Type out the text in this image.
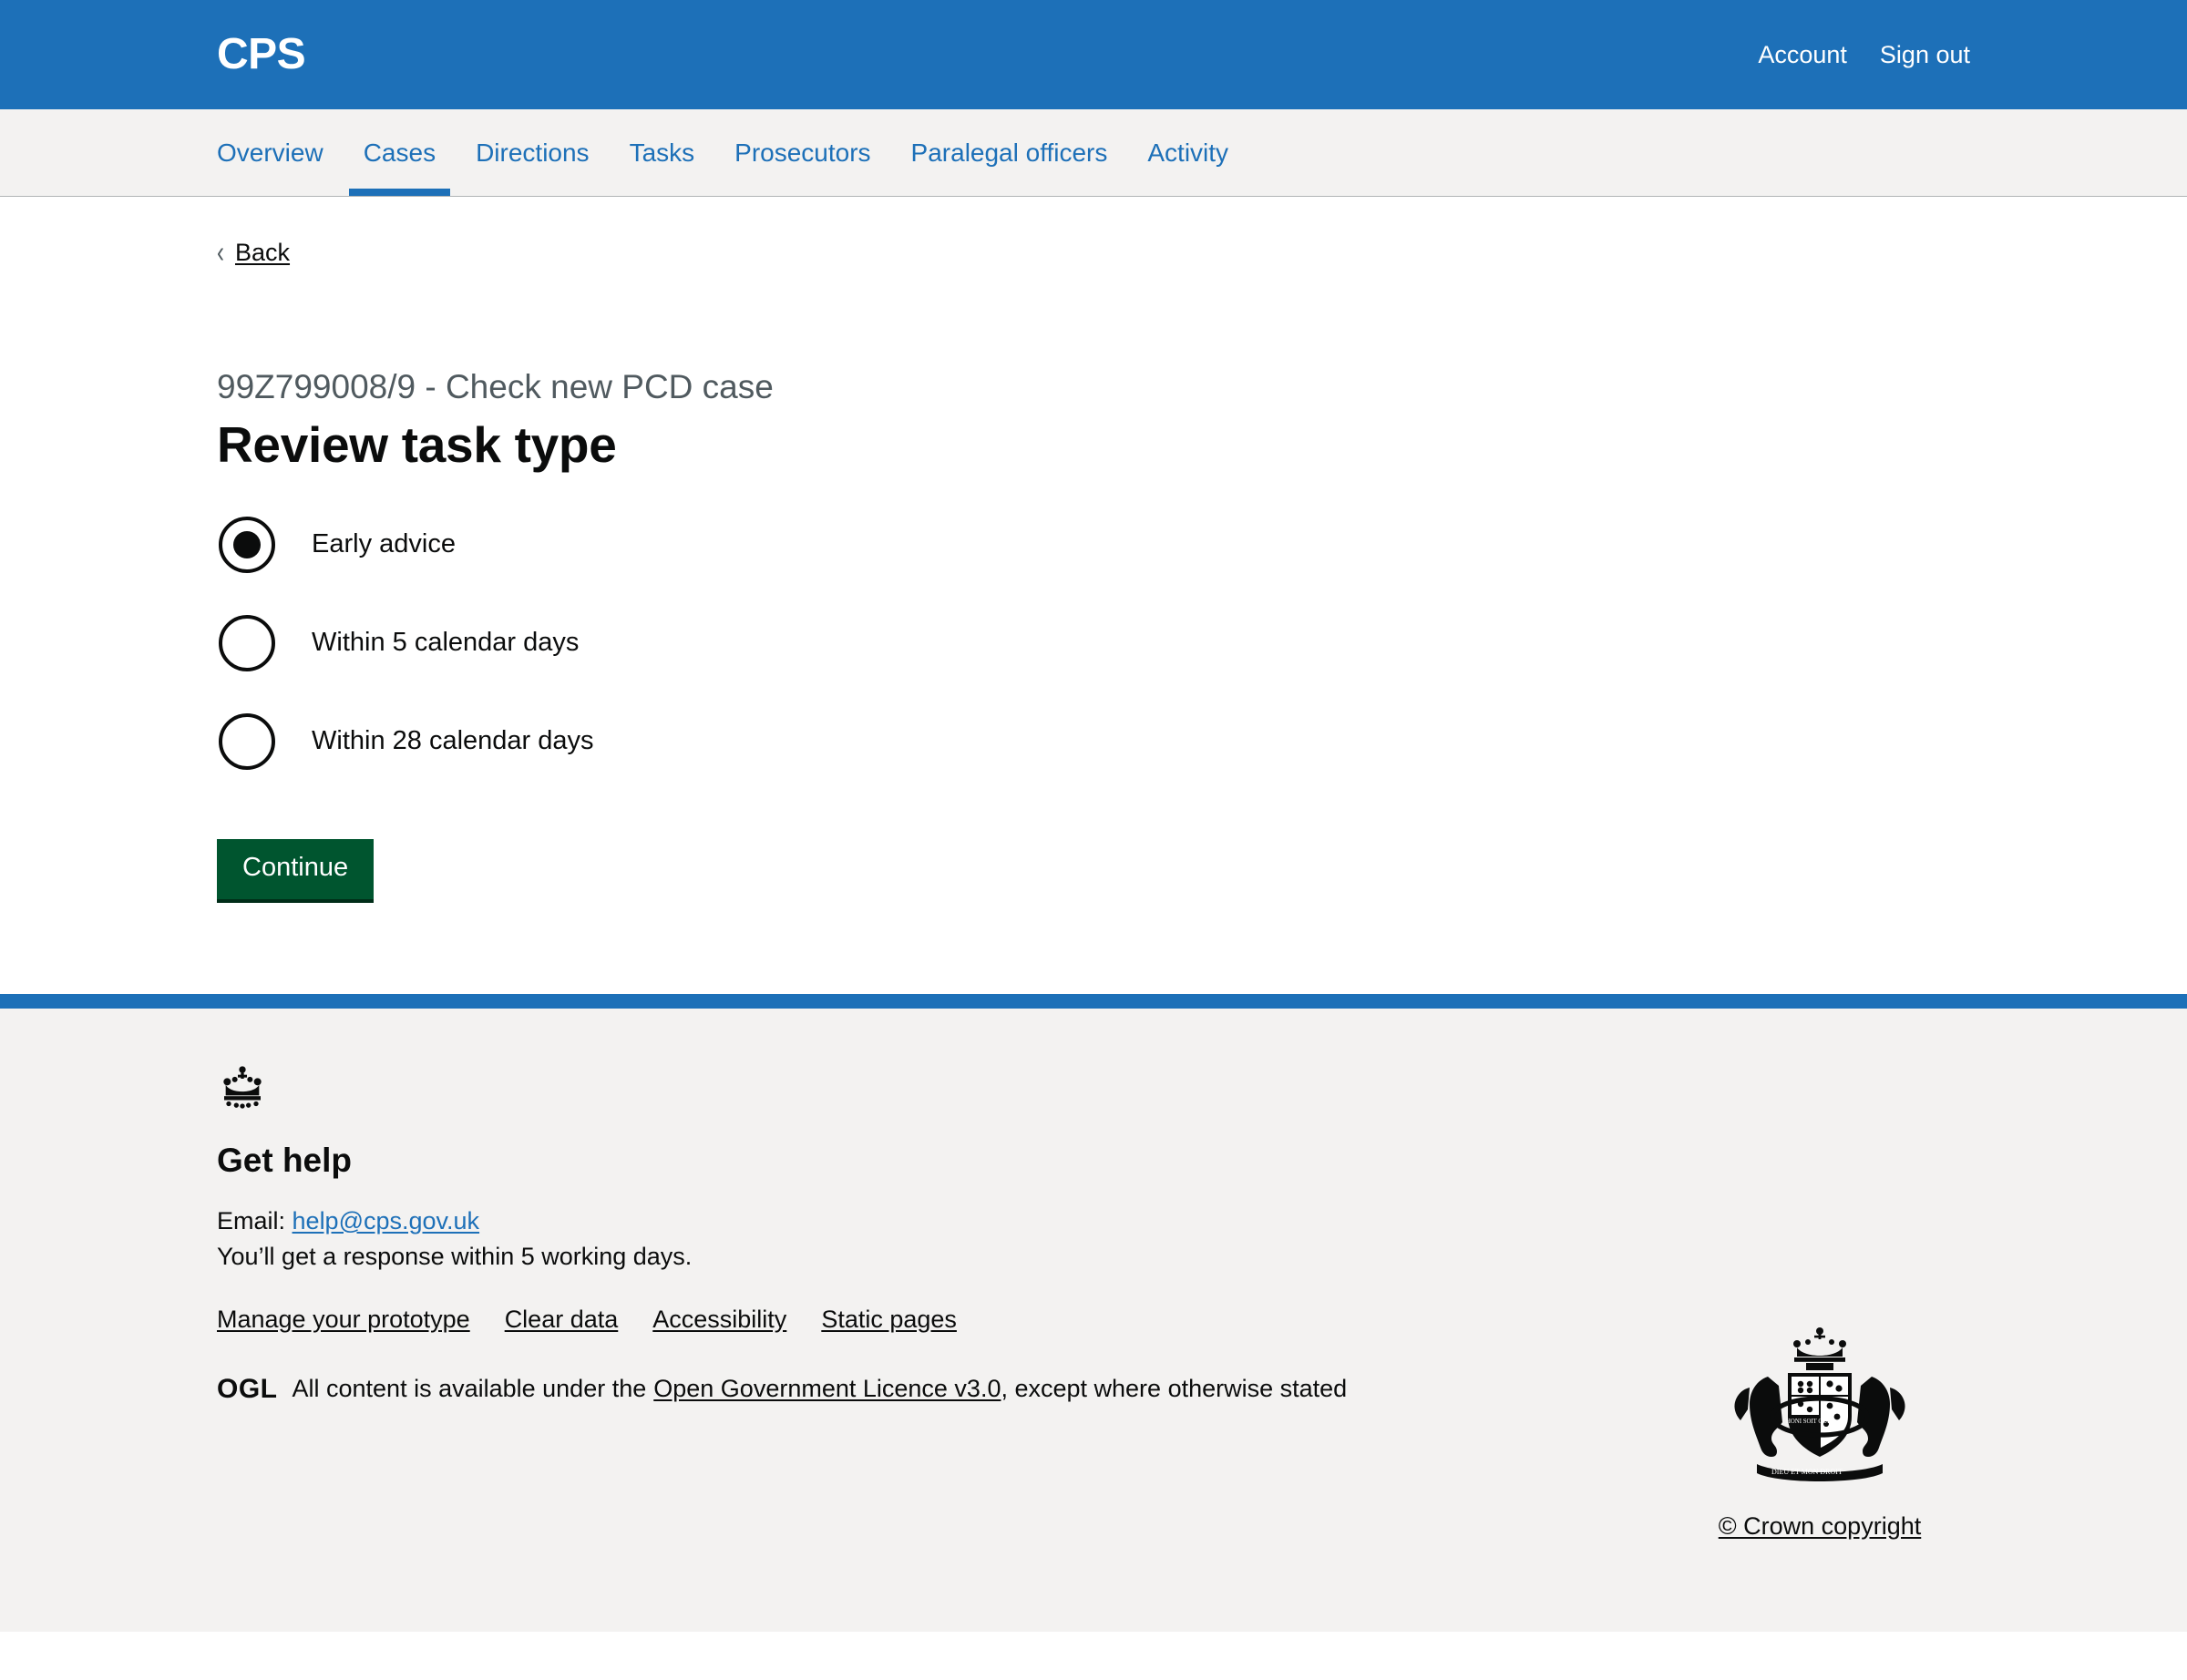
CPS	Account Sign out
Overview	Cases	Directions	Tasks	Prosecutors	Paralegal officers	Activity
‹ Back
99Z799008/9 - Check new PCD case
Review task type
Early advice
Within 5 calendar days
Within 28 calendar days
Continue
Get help
Email: help@cps.gov.uk
You’ll get a response within 5 working days.
Manage your prototype Clear data Accessibility Static pages
OGL All content is available under the Open Government Licence v3.0, except where otherwise stated
DIEU ET MON DROIT
HONI SOIT QUI
© Crown copyright
